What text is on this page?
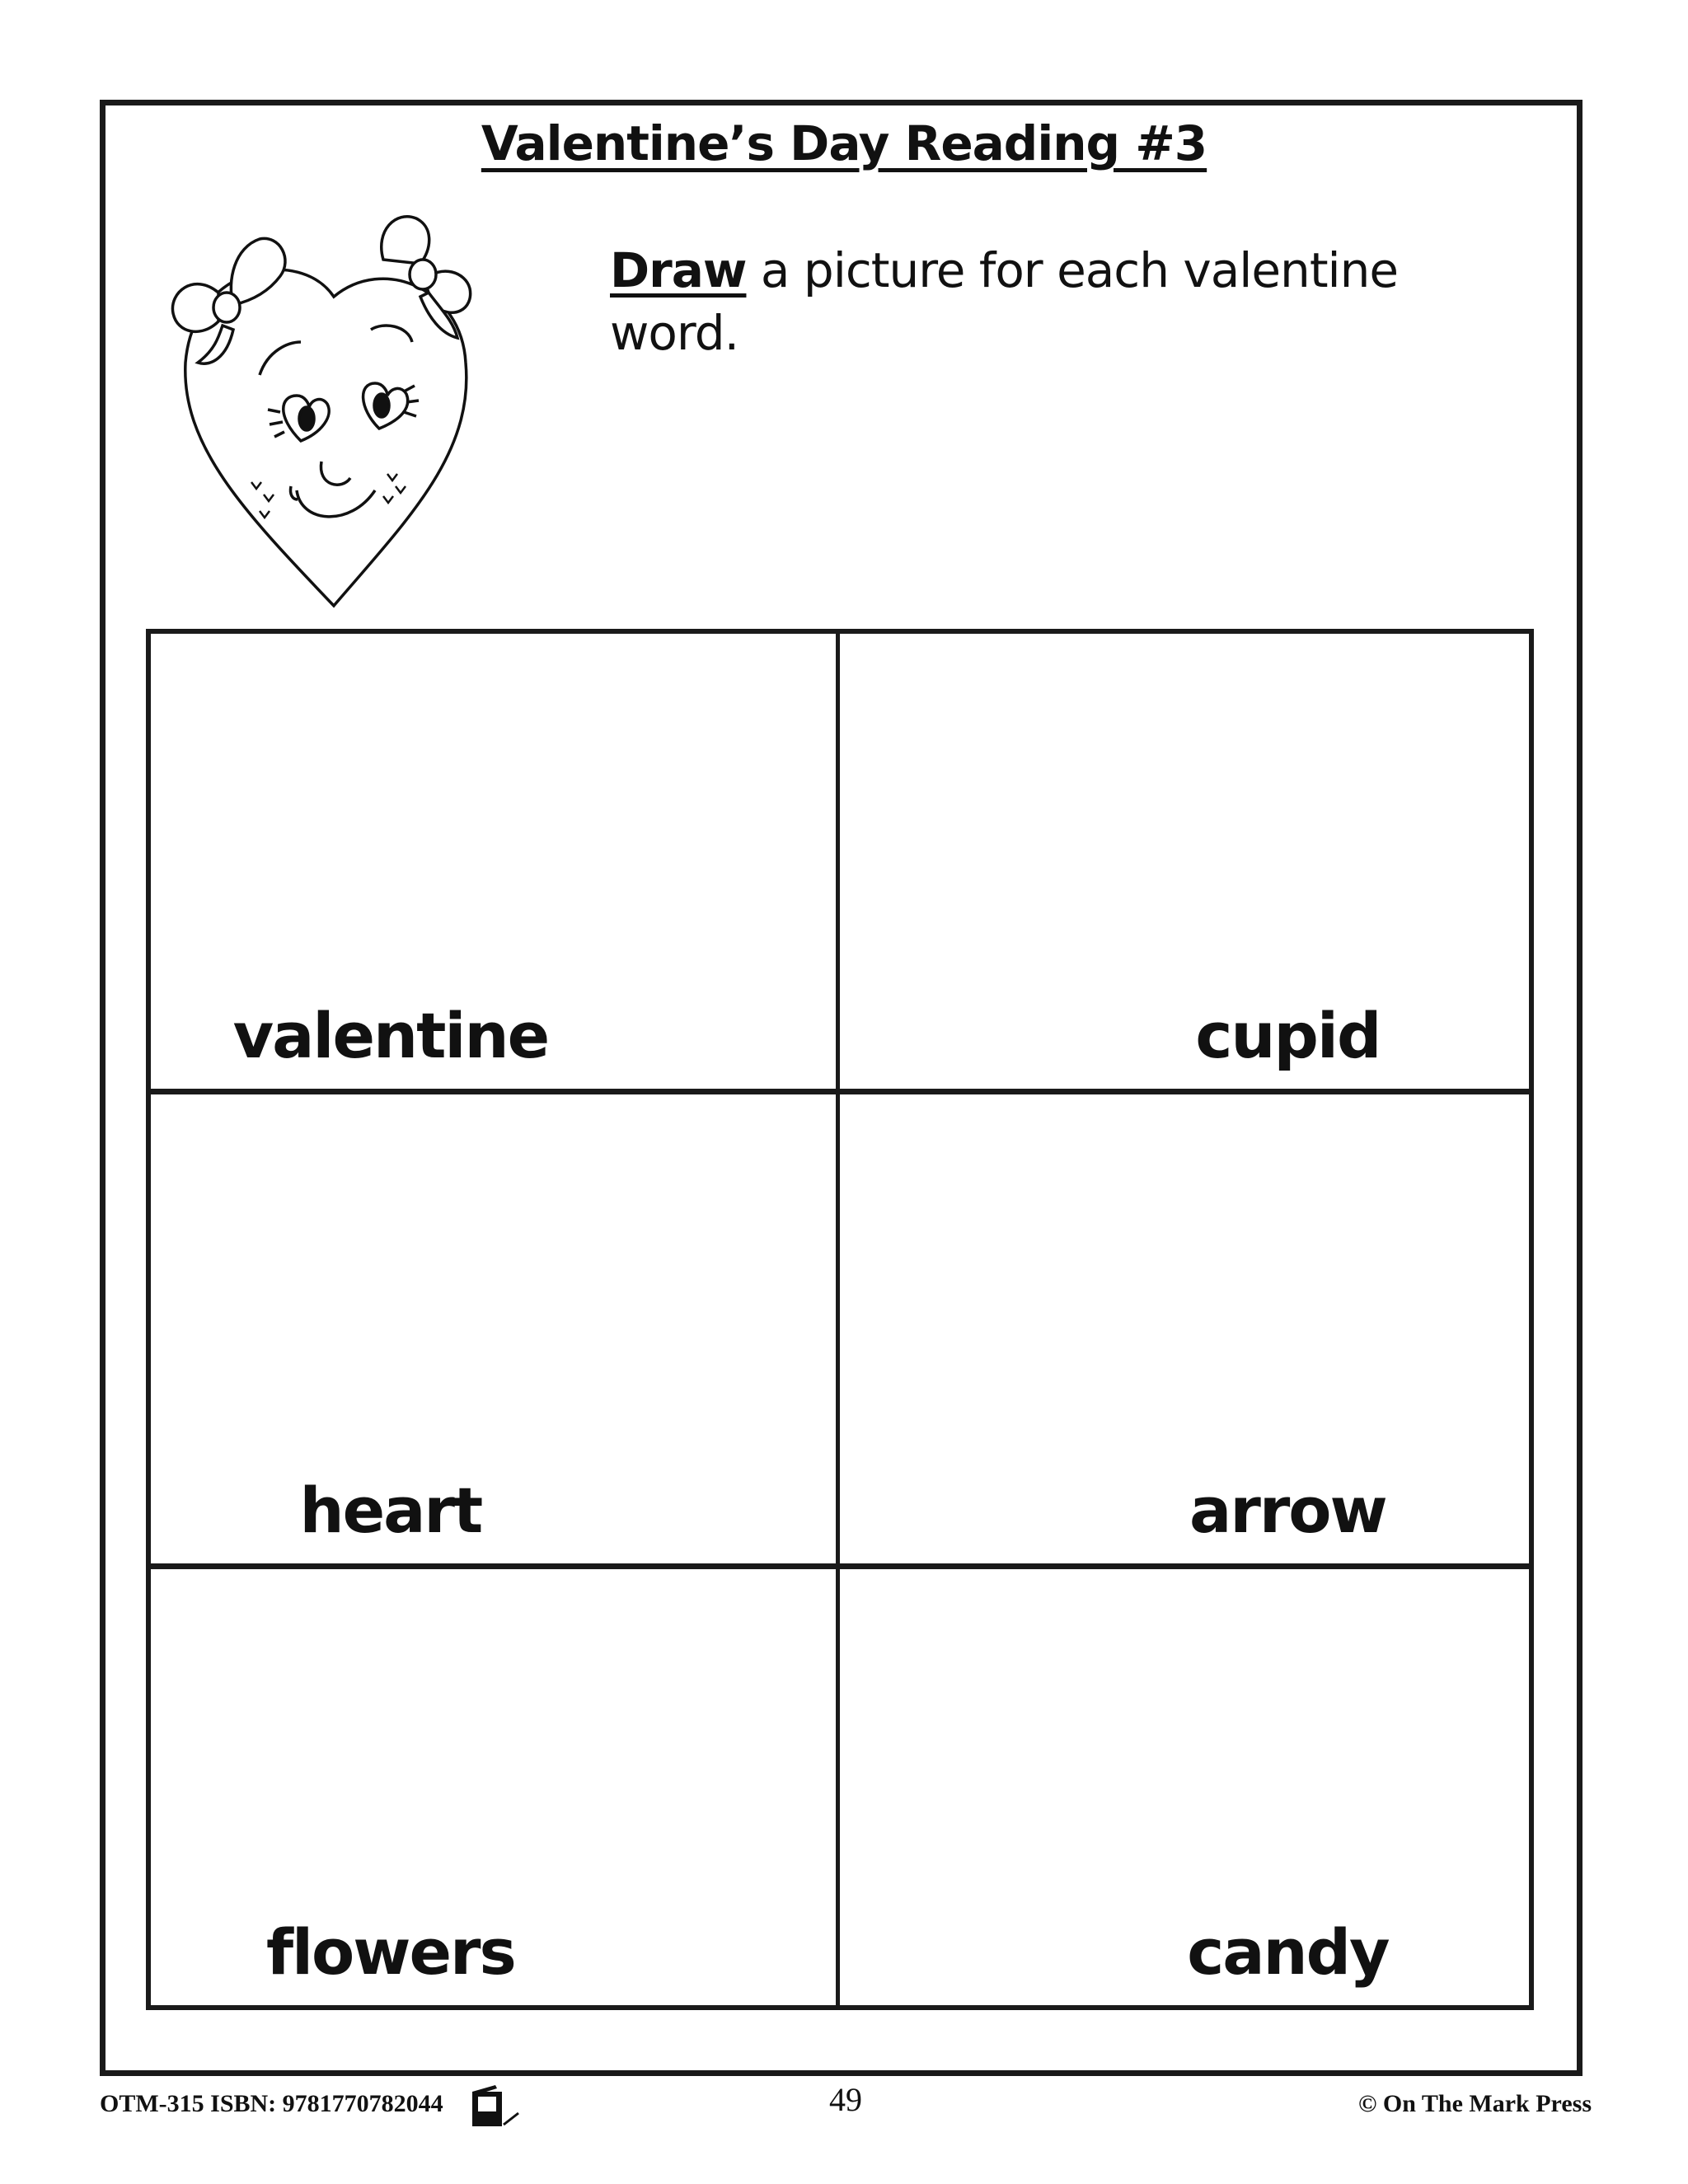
Valentine’s Day Reading #3
Draw a picture for each valentine word.
valentine	cupid
heart	arrow
flowers	candy
OTM-315 ISBN: 9781770782044	49	© On The Mark Press
